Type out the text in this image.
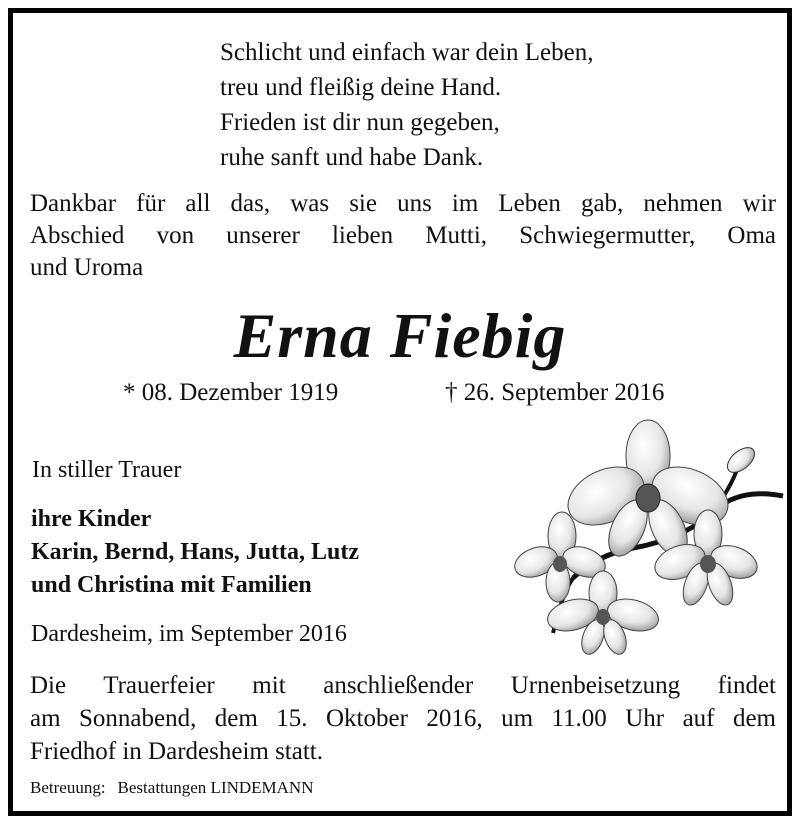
Schlicht und einfach war dein Leben,
treu und fleißig deine Hand.
Frieden ist dir nun gegeben,
ruhe sanft und habe Dank.
Dankbar für all das, was sie uns im Leben gab, nehmen wir
Abschied von unserer lieben Mutti, Schwiegermutter, Oma
und Uroma
Erna Fiebig
* 08. Dezember 1919	† 26. September 2016
In stiller Trauer
ihre Kinder
Karin, Bernd, Hans, Jutta, Lutz
und Christina mit Familien
Dardesheim, im September 2016
Die Trauerfeier mit anschließender Urnenbeisetzung findet
am Sonnabend, dem 15. Oktober 2016, um 11.00 Uhr auf dem
Friedhof in Dardesheim statt.
Betreuung: Bestattungen LINDEMANN
